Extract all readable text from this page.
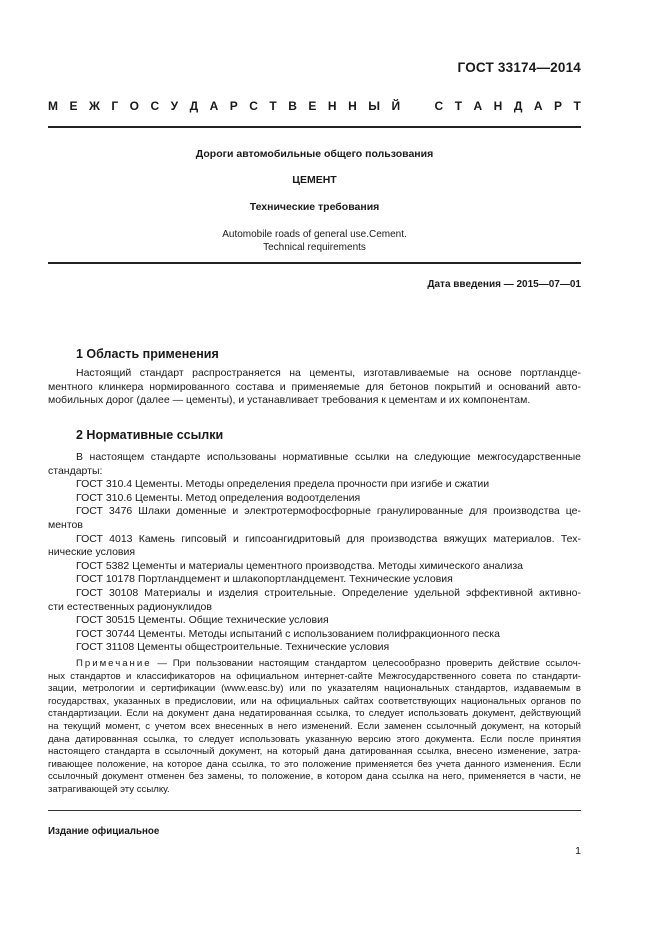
ГОСТ 33174—2014
М Е Ж Г О С У Д А Р С Т В Е Н Н Ы Й	С Т А Н Д А Р Т
Дороги автомобильные общего пользования
ЦЕМЕНТ
Технические требования
Automobile roads of general use.Cement.
Technical requirements
Дата введения — 2015—07—01
1 Область применения
Настоящий стандарт распространяется на цементы, изготавливаемые на основе портландце-
ментного клинкера нормированного состава и применяемые для бетонов покрытий и оснований авто-
мобильных дорог (далее — цементы), и устанавливает требования к цементам и их компонентам.
2 Нормативные ссылки
В настоящем стандарте использованы нормативные ссылки на следующие межгосударственные
стандарты:
ГОСТ 310.4 Цементы. Методы определения предела прочности при изгибе и сжатии
ГОСТ 310.6 Цементы. Метод определения водоотделения
ГОСТ 3476 Шлаки доменные и электротермофосфорные гранулированные для производства це-
ментов
ГОСТ 4013 Камень гипсовый и гипсоангидритовый для производства вяжущих материалов. Тех-
нические условия
ГОСТ 5382 Цементы и материалы цементного производства. Методы химического анализа
ГОСТ 10178 Портландцемент и шлакопортландцемент. Технические условия
ГОСТ 30108 Материалы и изделия строительные. Определение удельной эффективной активно-
сти естественных радионуклидов
ГОСТ 30515 Цементы. Общие технические условия
ГОСТ 30744 Цементы. Методы испытаний с использованием полифракционного песка
ГОСТ 31108 Цементы общестроительные. Технические условия
Примечание — При пользовании настоящим стандартом целесообразно проверить действие ссылоч-
ных стандартов и классификаторов на официальном интернет-сайте Межгосударственного совета по стандарти-
зации, метрологии и сертификации (www.easc.by) или по указателям национальных стандартов, издаваемым в
государствах, указанных в предисловии, или на официальных сайтах соответствующих национальных органов по
стандартизации. Если на документ дана недатированная ссылка, то следует использовать документ, действующий
на текущий момент, с учетом всех внесенных в него изменений. Если заменен ссылочный документ, на который
дана датированная ссылка, то следует использовать указанную версию этого документа. Если после принятия
настоящего стандарта в ссылочный документ, на который дана датированная ссылка, внесено изменение, затра-
гивающее положение, на которое дана ссылка, то это положение применяется без учета данного изменения. Если
ссылочный документ отменен без замены, то положение, в котором дана ссылка на него, применяется в части, не
затрагивающей эту ссылку.
Издание официальное
1
